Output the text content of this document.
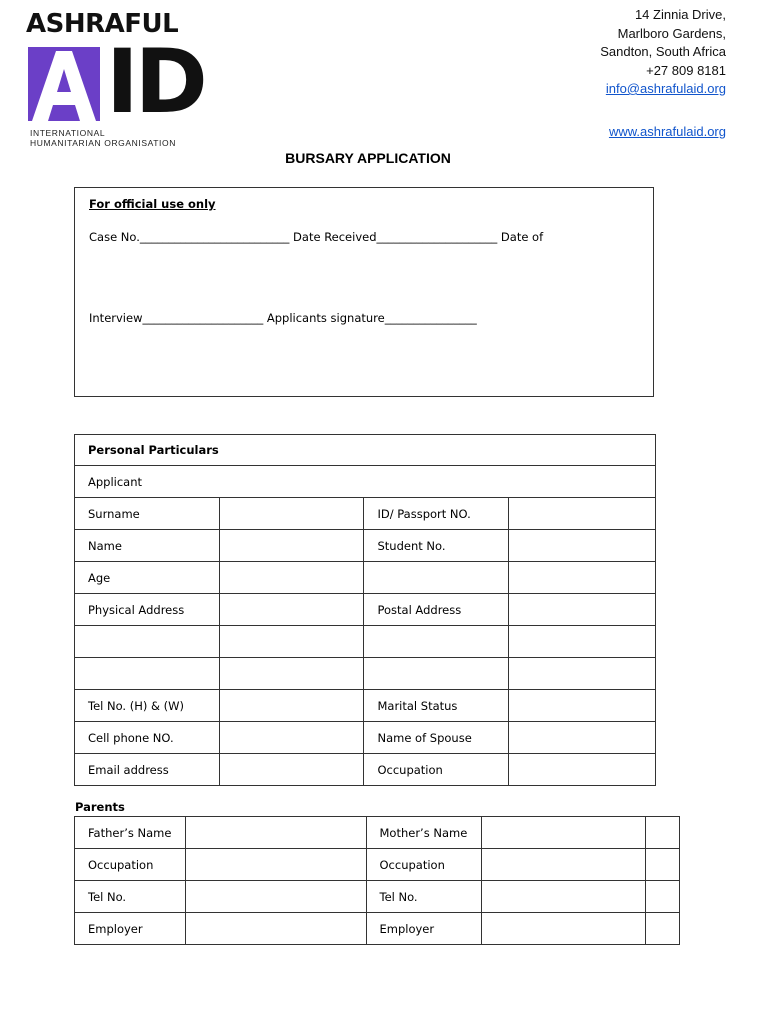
ASHRAFUL
ID
INTERNATIONAL
HUMANITARIAN ORGANISATION
14 Zinnia Drive,
Marlboro Gardens,
Sandton, South Africa
+27 809 8181
info@ashrafulaid.org
www.ashrafulaid.org
BURSARY APPLICATION
For official use only
Case No.__________________________ Date Received_____________________ Date of
Interview_____________________ Applicants signature________________
Personal Particulars			
Applicant			
Surname		ID/ Passport NO.	
Name		Student No.	
Age			
Physical Address		Postal Address	

Tel No. (H) & (W)		Marital Status	
Cell phone NO.		Name of Spouse	
Email address		Occupation	
Parents
Father’s Name		Mother’s Name		
Occupation		Occupation		
Tel No.		Tel No.		
Employer		Employer		
